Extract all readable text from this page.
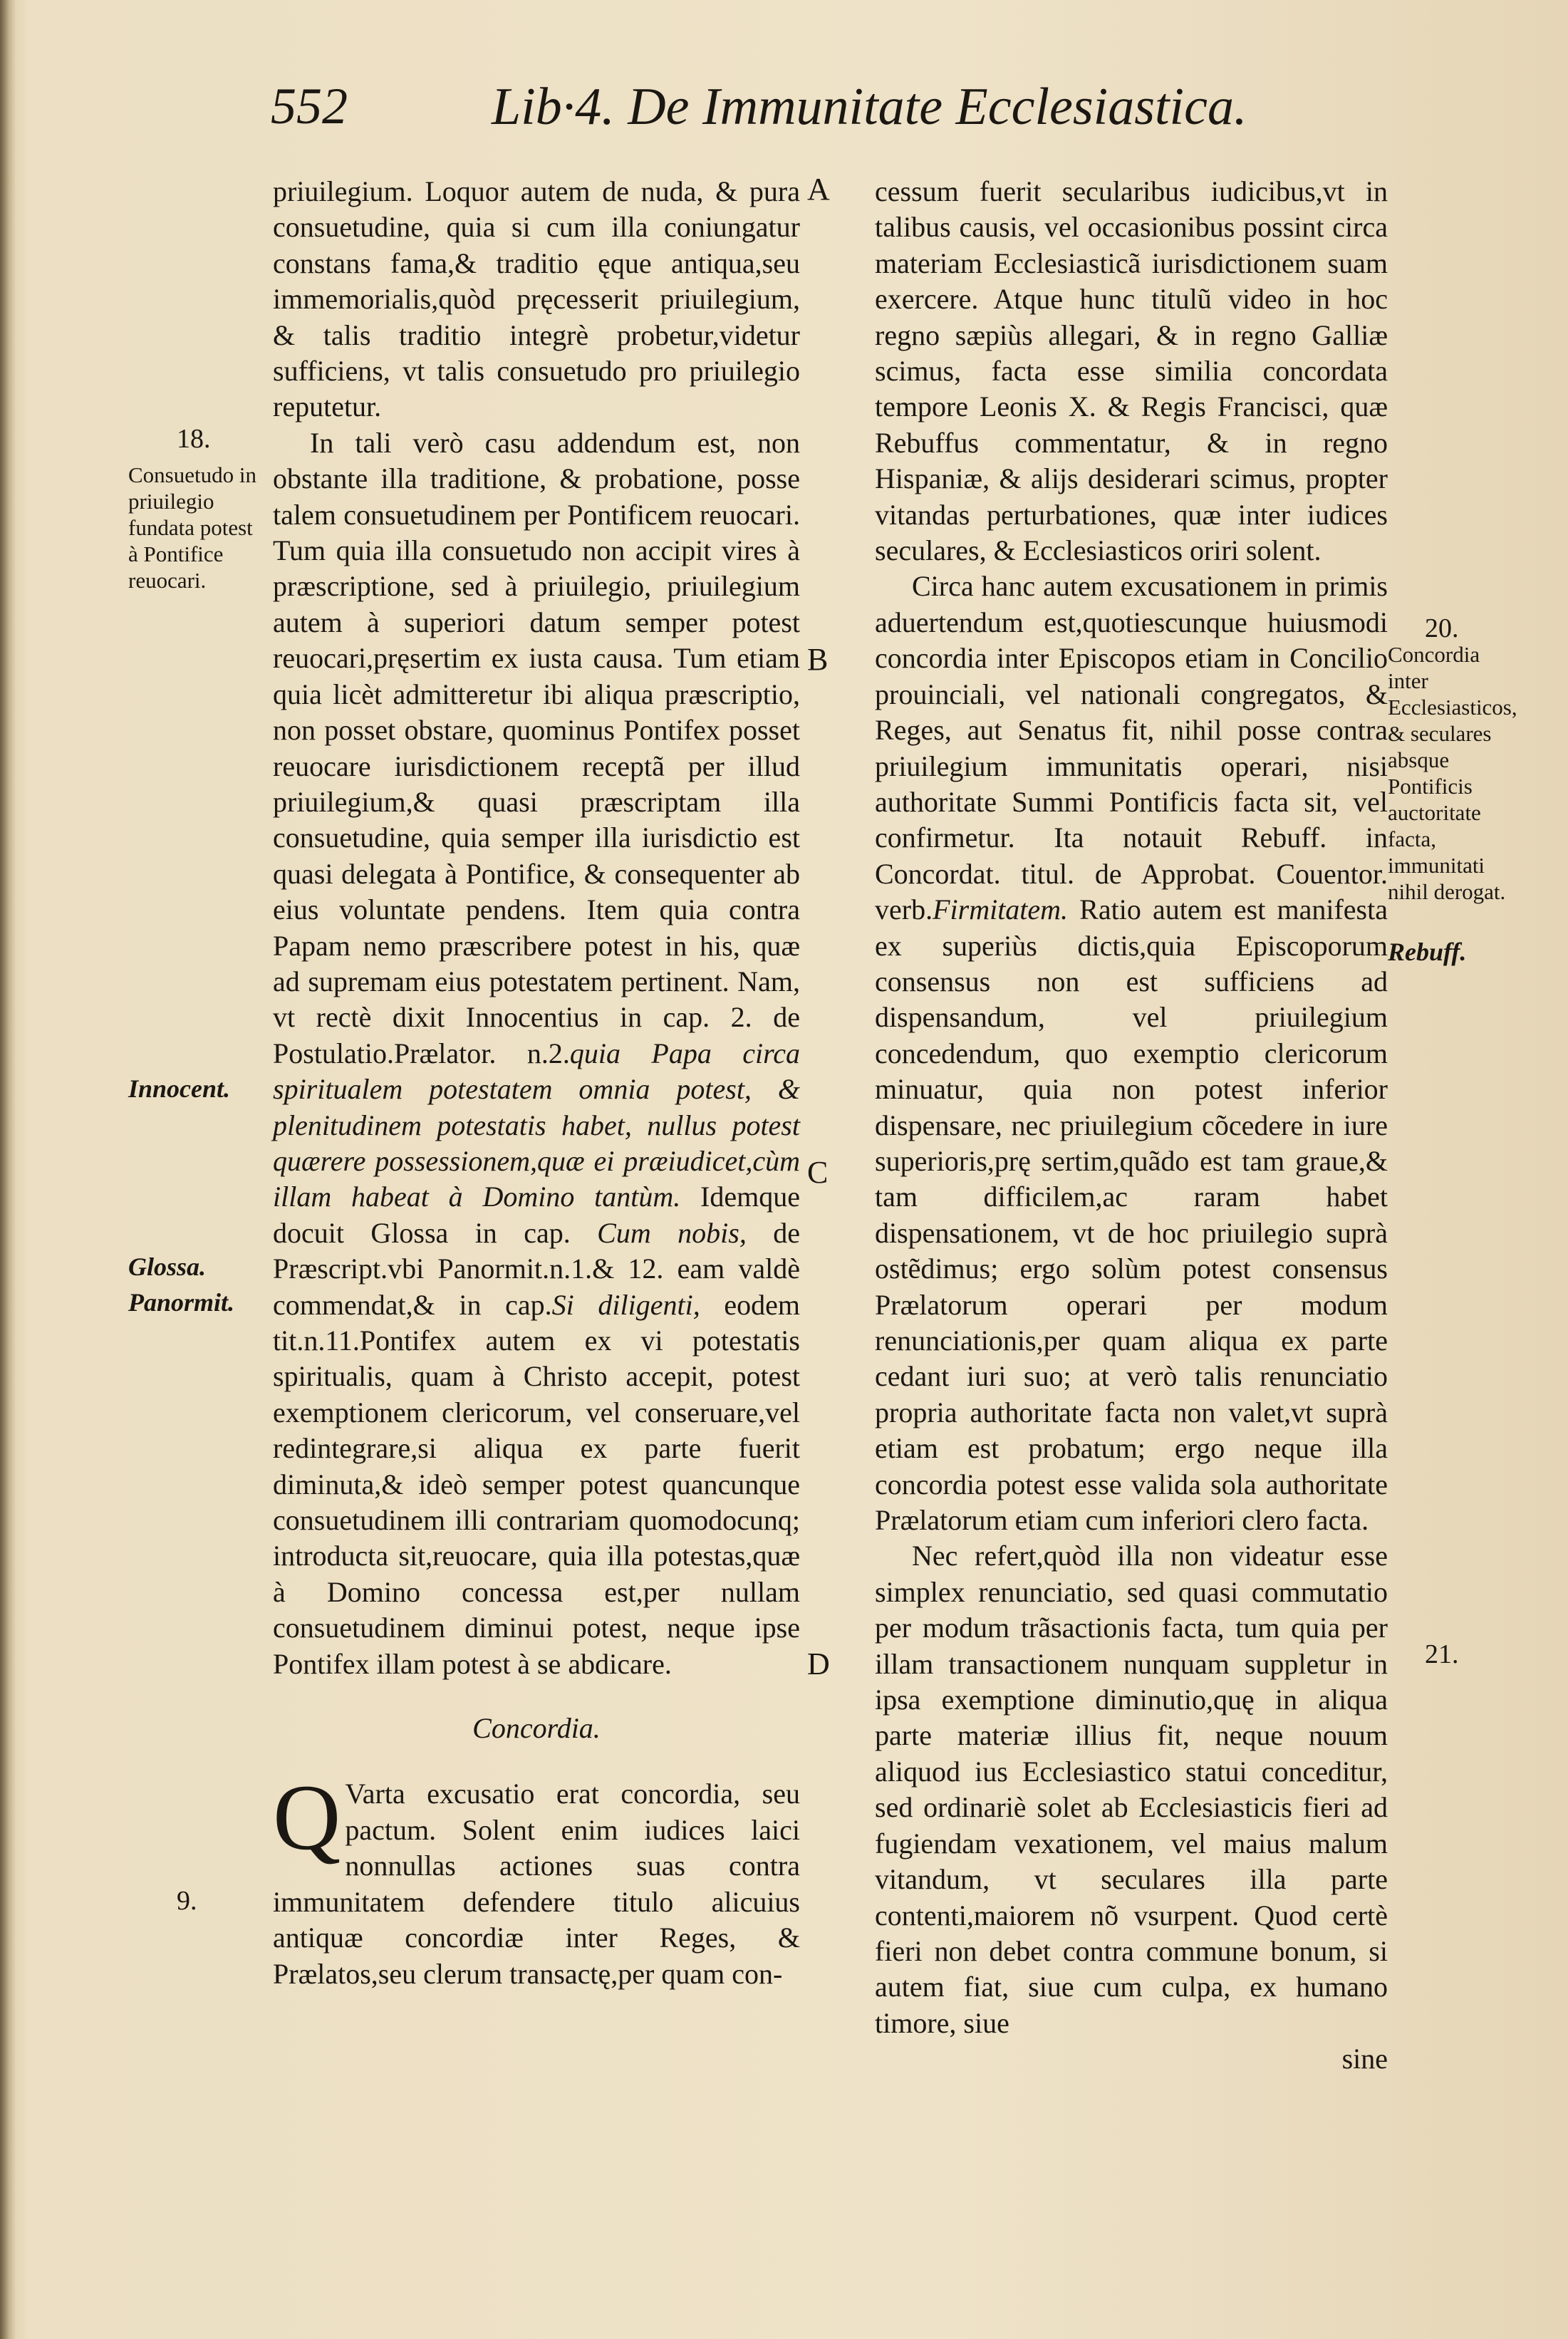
552	Lib·4. De Immunitate Ecclesiastica.
18.
Consuetudo in priuilegio fundata potest à Pontifice reuocari.
Innocent.
Glossa.
Panormit.
9.
20.
Concordia inter Ecclesiasticos, & seculares absque Pontificis auctoritate facta, immunitati nihil derogat.
Rebuff.
21.
A
B
C
D

priuilegium. Loquor autem de nuda, & pura consuetudine, quia si cum illa coniungatur constans fama,& traditio ęque antiqua,seu immemorialis,quòd pręcesserit priuilegium, & talis traditio integrè probetur,videtur sufficiens, vt talis consuetudo pro priuilegio reputetur.

In tali verò casu addendum est, non obstante illa traditione, & probatione, posse talem consuetudinem per Pontificem reuocari. Tum quia illa consuetudo non accipit vires à præscriptione, sed à priuilegio, priuilegium autem à superiori datum semper potest reuocari,pręsertim ex iusta causa. Tum etiam quia licèt admitteretur ibi aliqua præscriptio, non posset obstare, quominus Pontifex posset reuocare iurisdictionem receptã per illud priuilegium,& quasi præscriptam illa consuetudine, quia semper illa iurisdictio est quasi delegata à Pontifice, & consequenter ab eius voluntate pendens. Item quia contra Papam nemo præscribere potest in his, quæ ad supremam eius potestatem pertinent. Nam, vt rectè dixit Innocentius in cap. 2. de Postulatio.Prælator. n.2.quia Papa circa spiritualem potestatem omnia potest, & plenitudinem potestatis habet, nullus potest quærere possessionem,quæ ei præiudicet,cùm illam habeat à Domino tantùm. Idemque docuit Glossa in cap. Cum nobis, de Præscript.vbi Panormit.n.1.& 12. eam valdè commendat,& in cap.Si diligenti, eodem tit.n.11.Pontifex autem ex vi potestatis spiritualis, quam à Christo accepit, potest exemptionem clericorum, vel conseruare,vel redintegrare,si aliqua ex parte fuerit diminuta,& ideò semper potest quancunque consuetudinem illi contrariam quomodocunq; introducta sit,reuocare, quia illa potestas,quæ à Domino concessa est,per nullam consuetudinem diminui potest, neque ipse Pontifex illam potest à se abdicare.

Concordia.

Q Varta excusatio erat concordia, seu pactum. Solent enim iudices laici nonnullas actiones suas contra immunitatem defendere titulo alicuius antiquæ concordiæ inter Reges, & Prælatos,seu clerum transactę,per quam con-

cessum fuerit secularibus iudicibus,vt in talibus causis, vel occasionibus possint circa materiam Ecclesiasticã iurisdictionem suam exercere. Atque hunc titulũ video in hoc regno sæpiùs allegari, & in regno Galliæ scimus, facta esse similia concordata tempore Leonis X. & Regis Francisci, quæ Rebuffus commentatur, & in regno Hispaniæ, & alijs desiderari scimus, propter vitandas perturbationes, quæ inter iudices seculares, & Ecclesiasticos oriri solent.

Circa hanc autem excusationem in primis aduertendum est,quotiescunque huiusmodi concordia inter Episcopos etiam in Concilio prouinciali, vel nationali congregatos, & Reges, aut Senatus fit, nihil posse contra priuilegium immunitatis operari, nisi authoritate Summi Pontificis facta sit, vel confirmetur. Ita notauit Rebuff. in Concordat. titul. de Approbat. Couentor. verb.Firmitatem. Ratio autem est manifesta ex superiùs dictis,quia Episcoporum consensus non est sufficiens ad dispensandum, vel priuilegium concedendum, quo exemptio clericorum minuatur, quia non potest inferior dispensare, nec priuilegium cõcedere in iure superioris,prę sertim,quãdo est tam graue,& tam difficilem,ac raram habet dispensationem, vt de hoc priuilegio suprà ostẽdimus; ergo solùm potest consensus Prælatorum operari per modum renunciationis,per quam aliqua ex parte cedant iuri suo; at verò talis renunciatio propria authoritate facta non valet,vt suprà etiam est probatum; ergo neque illa concordia potest esse valida sola authoritate Prælatorum etiam cum inferiori clero facta.

Nec refert,quòd illa non videatur esse simplex renunciatio, sed quasi commutatio per modum trãsactionis facta, tum quia per illam transactionem nunquam suppletur in ipsa exemptione diminutio,quę in aliqua parte materiæ illius fit, neque nouum aliquod ius Ecclesiastico statui conceditur, sed ordinariè solet ab Ecclesiasticis fieri ad fugiendam vexationem, vel maius malum vitandum, vt seculares illa parte contenti,maiorem nõ vsurpent. Quod certè fieri non debet contra commune bonum, si autem fiat, siue cum culpa, ex humano timore, siue

sine
